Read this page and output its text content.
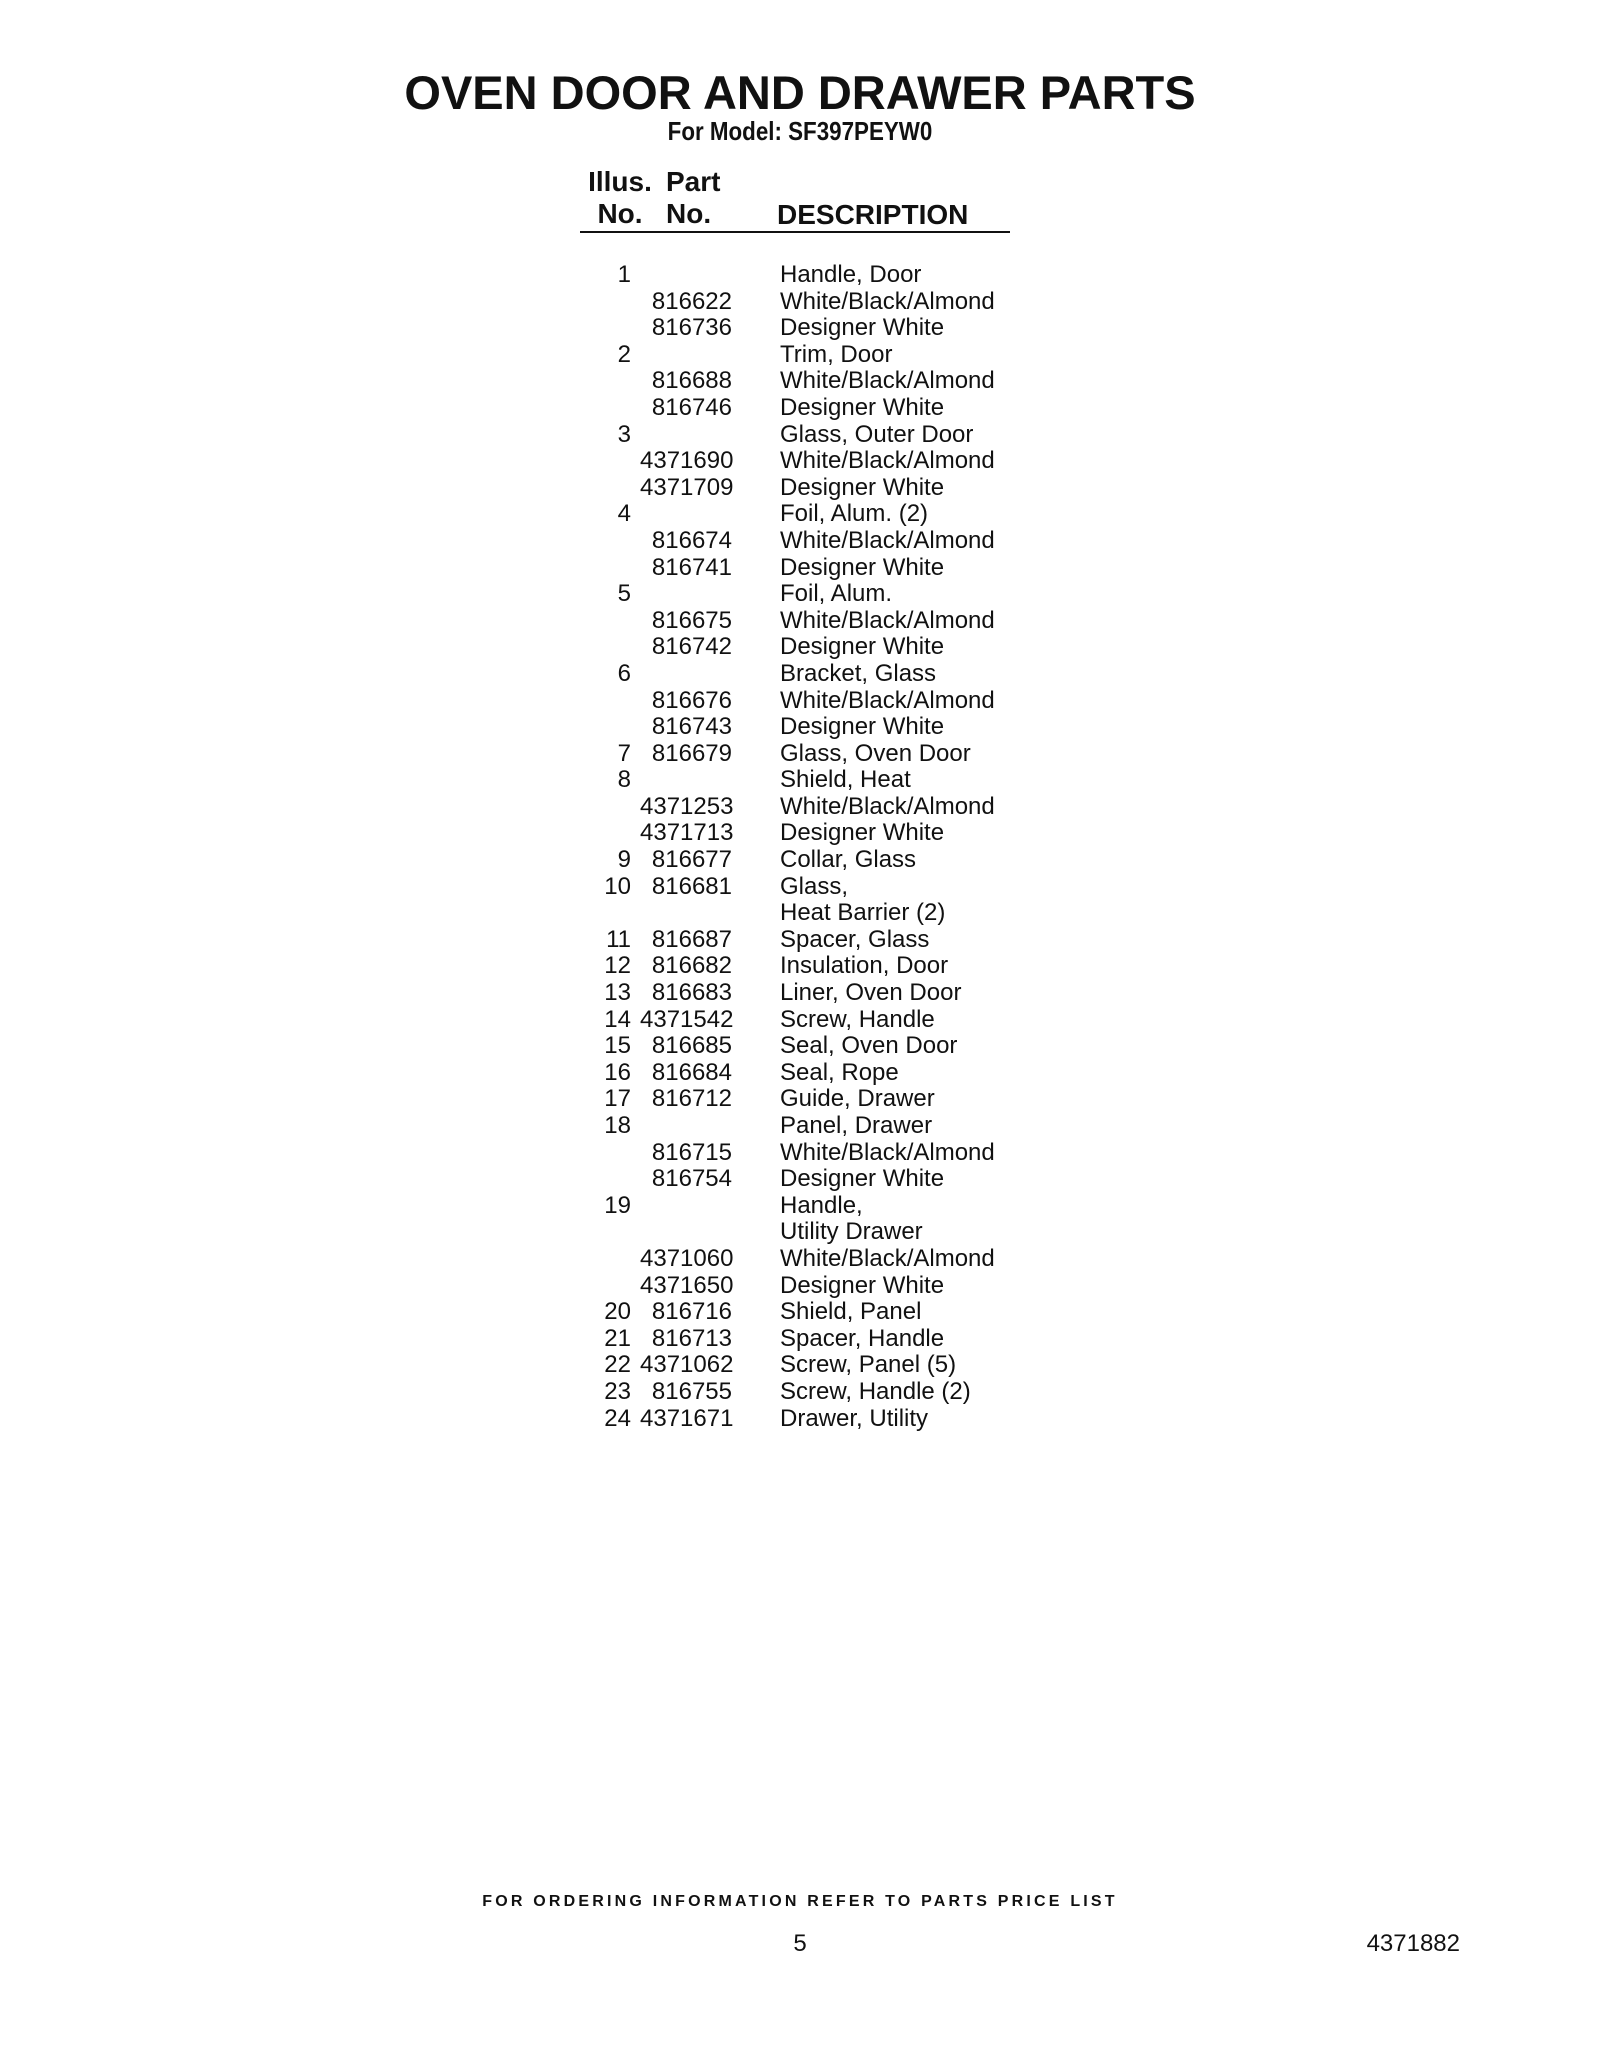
OVEN DOOR AND DRAWER PARTS
For Model: SF397PEYW0
Illus.
No.
Part
No.	DESCRIPTION
1	Handle, Door
816622 White/Black/Almond
816736 Designer White
2	Trim, Door
816688 White/Black/Almond
816746 Designer White
3	Glass, Outer Door
4371690 White/Black/Almond
4371709 Designer White
4	Foil, Alum. (2)
816674 White/Black/Almond
816741 Designer White
5	Foil, Alum.
816675 White/Black/Almond
816742 Designer White
6	Bracket, Glass
816676 White/Black/Almond
816743 Designer White
7 816679 Glass, Oven Door
8	Shield, Heat
4371253 White/Black/Almond
4371713 Designer White
9 816677 Collar, Glass
10 816681 Glass,
Heat Barrier (2)
11 816687 Spacer, Glass
12 816682 Insulation, Door
13 816683 Liner, Oven Door
14 4371542 Screw, Handle
15 816685 Seal, Oven Door
16 816684 Seal, Rope
17 816712 Guide, Drawer
18	Panel, Drawer
816715 White/Black/Almond
816754 Designer White
19	Handle,
Utility Drawer
4371060 White/Black/Almond
4371650 Designer White
20 816716 Shield, Panel
21 816713 Spacer, Handle
22 4371062 Screw, Panel (5)
23 816755 Screw, Handle (2)
24 4371671 Drawer, Utility
FOR ORDERING INFORMATION REFER TO PARTS PRICE LIST
5	4371882
